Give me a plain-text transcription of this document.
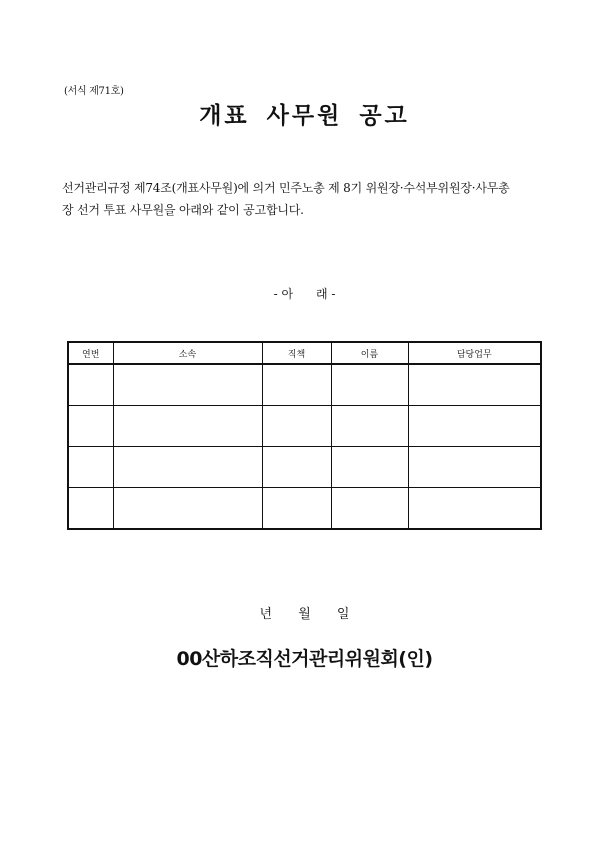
(서식 제71호)
개표 사무원 공고
선거관리규정 제74조(개표사무원)에 의거 민주노총 제 8기 위원장·수석부위원장·사무총
장 선거 투표 사무원을 아래와 같이 공고합니다.
- 아      래 -
연번	소속	직책	이름	담당업무

년 월 일
00산하조직선거관리위원회(인)
